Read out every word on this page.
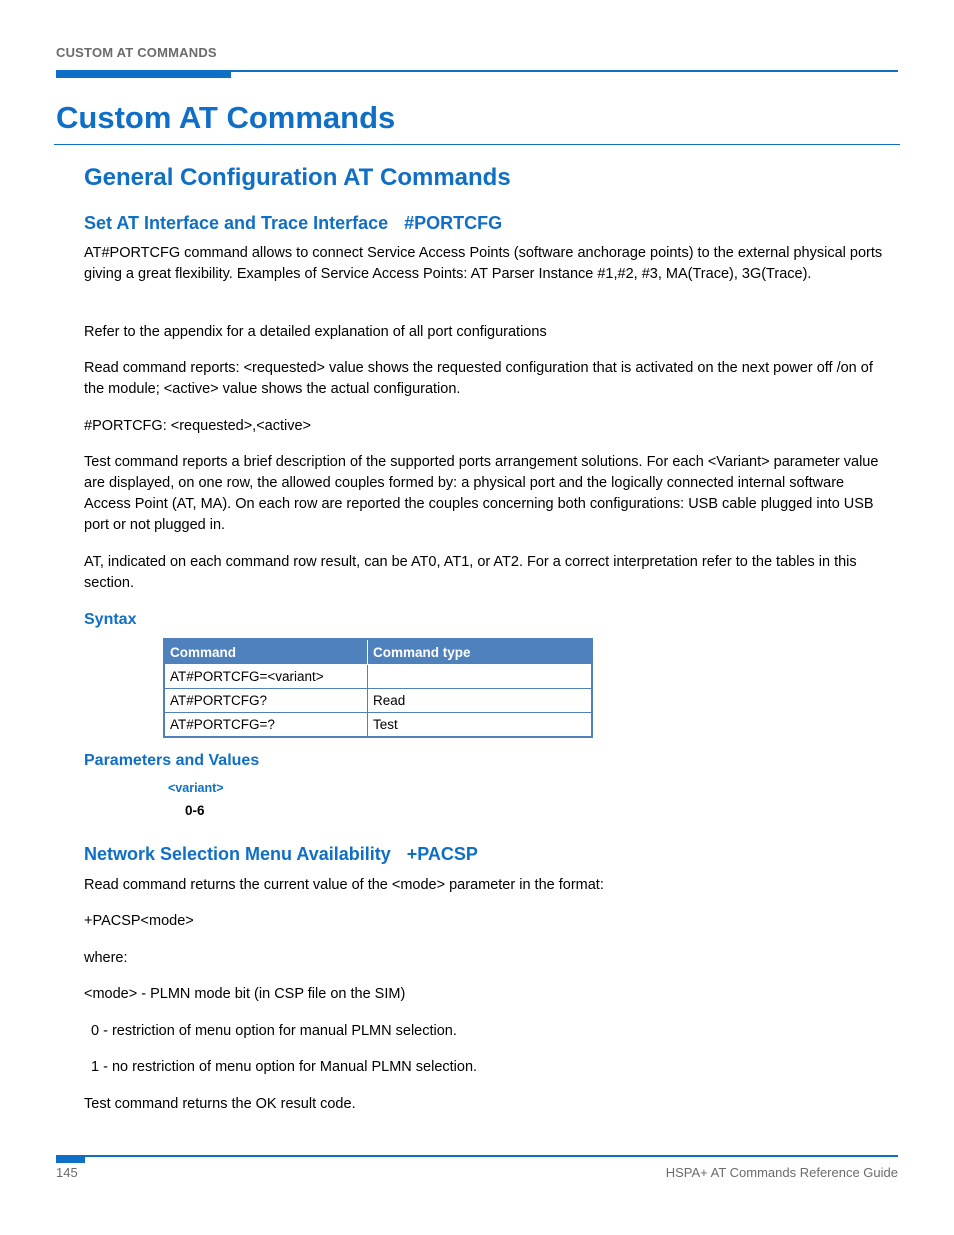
CUSTOM AT COMMANDS
Custom AT Commands
General Configuration AT Commands
Set AT Interface and Trace Interface #PORTCFG
AT#PORTCFG command allows to connect Service Access Points (software anchorage points) to the external physical ports giving a great flexibility. Examples of Service Access Points: AT Parser Instance #1,#2, #3, MA(Trace), 3G(Trace).
Refer to the appendix for a detailed explanation of all port configurations
Read command reports: <requested> value shows the requested configuration that is activated on the next power off /on of the module; <active> value shows the actual configuration.
#PORTCFG: <requested>,<active>
Test command reports a brief description of the supported ports arrangement solutions. For each <Variant> parameter value are displayed, on one row, the allowed couples formed by: a physical port and the logically connected internal software Access Point (AT, MA). On each row are reported the couples concerning both configurations: USB cable plugged into USB port or not plugged in.
AT, indicated on each command row result, can be AT0, AT1, or AT2. For a correct interpretation refer to the tables in this section.
Syntax
Command	Command type
AT#PORTCFG=<variant>	
AT#PORTCFG?	Read
AT#PORTCFG=?	Test
Parameters and Values
<variant>
0-6
Network Selection Menu Availability +PACSP
Read command returns the current value of the <mode> parameter in the format:
+PACSP<mode>
where:
<mode> - PLMN mode bit (in CSP file on the SIM)
0 - restriction of menu option for manual PLMN selection.
1 - no restriction of menu option for Manual PLMN selection.
Test command returns the OK result code.
145	HSPA+ AT Commands Reference Guide
